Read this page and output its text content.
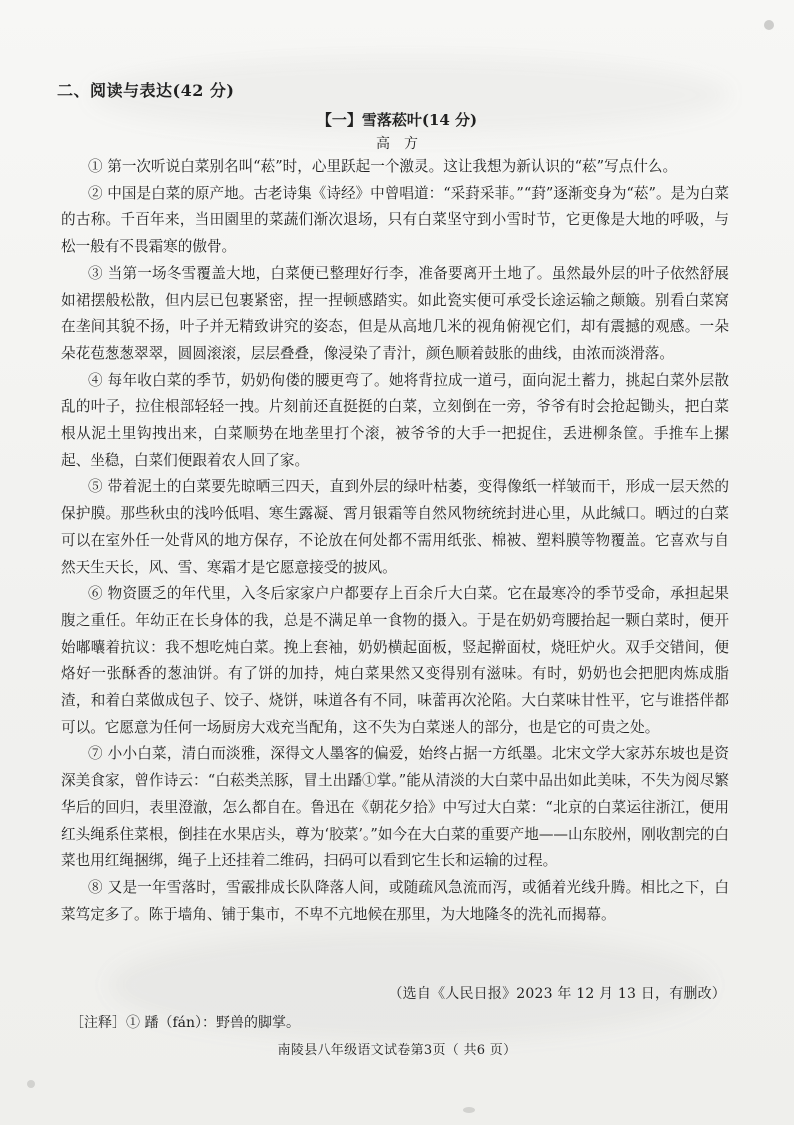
二、阅读与表达(42 分)
【一】雪落菘叶(14 分)
高方

① 第一次听说白菜别名叫“菘”时，心里跃起一个激灵。这让我想为新认识的“菘”写点什么。

② 中国是白菜的原产地。古老诗集《诗经》中曾唱道：“采葑采菲。”“葑”逐渐变身为“菘”。是为白菜的古称。千百年来，当田園里的菜蔬们渐次退场，只有白菜坚守到小雪时节，它更像是大地的呼吸，与松一般有不畏霜寒的傲骨。

③ 当第一场冬雪覆盖大地，白菜便已整理好行李，准备要离开土地了。虽然最外层的叶子依然舒展如裙摆般松散，但内层已包裹紧密，捏一捏顿感踏实。如此瓷实便可承受长途运输之颠簸。别看白菜窝在垄间其貌不扬，叶子并无精致讲究的姿态，但是从高地几米的视角俯视它们，却有震撼的观感。一朵朵花苞葱葱翠翠，圆圆滚滚，层层叠叠，像浸染了青汁，颜色顺着鼓胀的曲线，由浓而淡滑落。

④ 每年收白菜的季节，奶奶佝偻的腰更弯了。她将背拉成一道弓，面向泥土蓄力，挑起白菜外层散乱的叶子，拉住根部轻轻一拽。片刻前还直挺挺的白菜，立刻倒在一旁，爷爷有时会抢起锄头，把白菜根从泥土里钩拽出来，白菜顺势在地垄里打个滚，被爷爷的大手一把捉住，丢进柳条筐。手推车上摞起、坐稳，白菜们便跟着农人回了家。

⑤ 带着泥土的白菜要先晾晒三四天，直到外层的绿叶枯萎，变得像纸一样皱而干，形成一层天然的保护膜。那些秋虫的浅吟低唱、寒生露凝、霄月银霜等自然风物统统封进心里，从此缄口。晒过的白菜可以在室外任一处背风的地方保存，不论放在何处都不需用纸张、棉被、塑料膜等物覆盖。它喜欢与自然天生天长，风、雪、寒霜才是它愿意接受的披风。

⑥ 物资匮乏的年代里，入冬后家家户户都要存上百余斤大白菜。它在最寒冷的季节受命，承担起果腹之重任。年幼正在长身体的我，总是不满足单一食物的摄入。于是在奶奶弯腰抬起一颗白菜时，便开始嘟囔着抗议：我不想吃炖白菜。挽上套袖，奶奶横起面板，竖起擀面杖，烧旺炉火。双手交错间，便烙好一张酥香的葱油饼。有了饼的加持，炖白菜果然又变得别有滋味。有时，奶奶也会把肥肉炼成脂渣，和着白菜做成包子、饺子、烧饼，味道各有不同，味蕾再次沦陷。大白菜味甘性平，它与谁搭伴都可以。它愿意为任何一场厨房大戏充当配角，这不失为白菜迷人的部分，也是它的可贵之处。

⑦ 小小白菜，清白而淡雅，深得文人墨客的偏爱，始终占据一方纸墨。北宋文学大家苏东坡也是资深美食家，曾作诗云：“白菘类羔豚，冒土出蹯①掌。”能从清淡的大白菜中品出如此美味，不失为阅尽繁华后的回归，表里澄澈，怎么都自在。鲁迅在《朝花夕拾》中写过大白菜：“北京的白菜运往浙江，便用红头绳系住菜根，倒挂在水果店头，尊为‘胶菜’。”如今在大白菜的重要产地——山东胶州，刚收割完的白菜也用红绳捆绑，绳子上还挂着二维码，扫码可以看到它生长和运输的过程。

⑧ 又是一年雪落时，雪霰排成长队降落人间，或随疏风急流而泻，或循着光线升腾。相比之下，白菜笃定多了。陈于墙角、铺于集市，不卑不亢地候在那里，为大地隆冬的洗礼而揭幕。

（选自《人民日报》2023 年 12 月 13 日，有删改）
［注释］① 蹯（fán）：野兽的脚掌。
南陵县八年级语文试卷第3页（ 共6 页）
